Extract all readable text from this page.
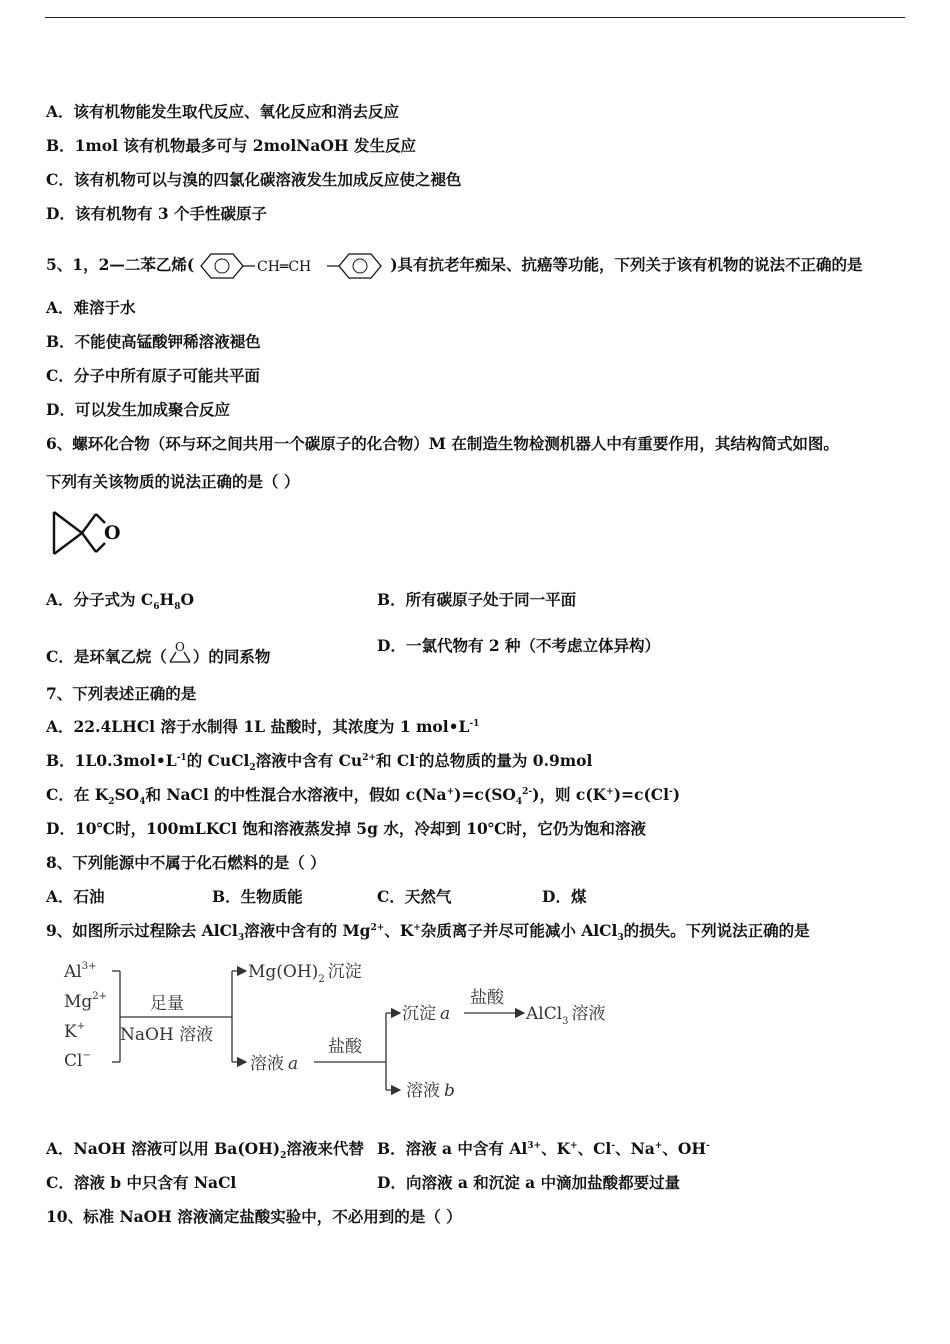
A．该有机物能发生取代反应、氧化反应和消去反应
B．1mol 该有机物最多可与 2molNaOH 发生反应
C．该有机物可以与溴的四氯化碳溶液发生加成反应使之褪色
D．该有机物有 3 个手性碳原子
5、1，2—二苯乙烯(	CH═CH	)具有抗老年痴呆、抗癌等功能，下列关于该有机物的说法不正确的是
A．难溶于水
B．不能使高锰酸钾稀溶液褪色
C．分子中所有原子可能共平面
D．可以发生加成聚合反应
6、螺环化合物（环与环之间共用一个碳原子的化合物）M 在制造生物检测机器人中有重要作用，其结构简式如图。
下列有关该物质的说法正确的是（ ）
O
A．分子式为 $C_6H_8O$	B．所有碳原子处于同一平面
C．是环氧乙烷（ O ）的同系物
D．一氯代物有 2 种（不考虑立体异构）
7、下列表述正确的是
A．22.4LHCl 溶于水制得 1L 盐酸时，其浓度为 1 $mol•L^{-1}$
B．$1L0.3mol•L^{-1}$的 CuCl$_2$溶液中含有 $Cu^{2+}$和 Cl-的总物质的量为 0.9mol
C．在 $K_2SO_4$和 NaCl 的中性混合水溶液中，假如 $c(Na^+)=c(SO_4^{2-})$，则 c(K+)=c(Cl-)
D．10℃时，100mLKCl 饱和溶液蒸发掉 5g 水，冷却到 10℃时，它仍为饱和溶液
8、下列能源中不属于化石燃料的是（ ）
A．石油	B．生物质能	C．天然气	D．煤
9、如图所示过程除去 AlCl$_3$溶液中含有的 $Mg^{2+}$、K+杂质离子并尽可能减小 AlCl$_3$的损失。下列说法正确的是
$Al^{3+}$
$Mg^{2+}$
K+
Cl−
足量
NaOH 溶液
$Mg(OH)_2$ 沉淀
溶液 a
盐酸
沉淀 a
盐酸
AlCl$_3$ 溶液
溶液 b
A．NaOH 溶液可以用 $Ba(OH)_2$溶液来代替 B．溶液 a 中含有 $Al^{3+}$、K+、Cl-、Na+、OH-
C．溶液 b 中只含有 NaCl	D．向溶液 a 和沉淀 a 中滴加盐酸都要过量
10、标准 NaOH 溶液滴定盐酸实验中，不必用到的是（ ）
